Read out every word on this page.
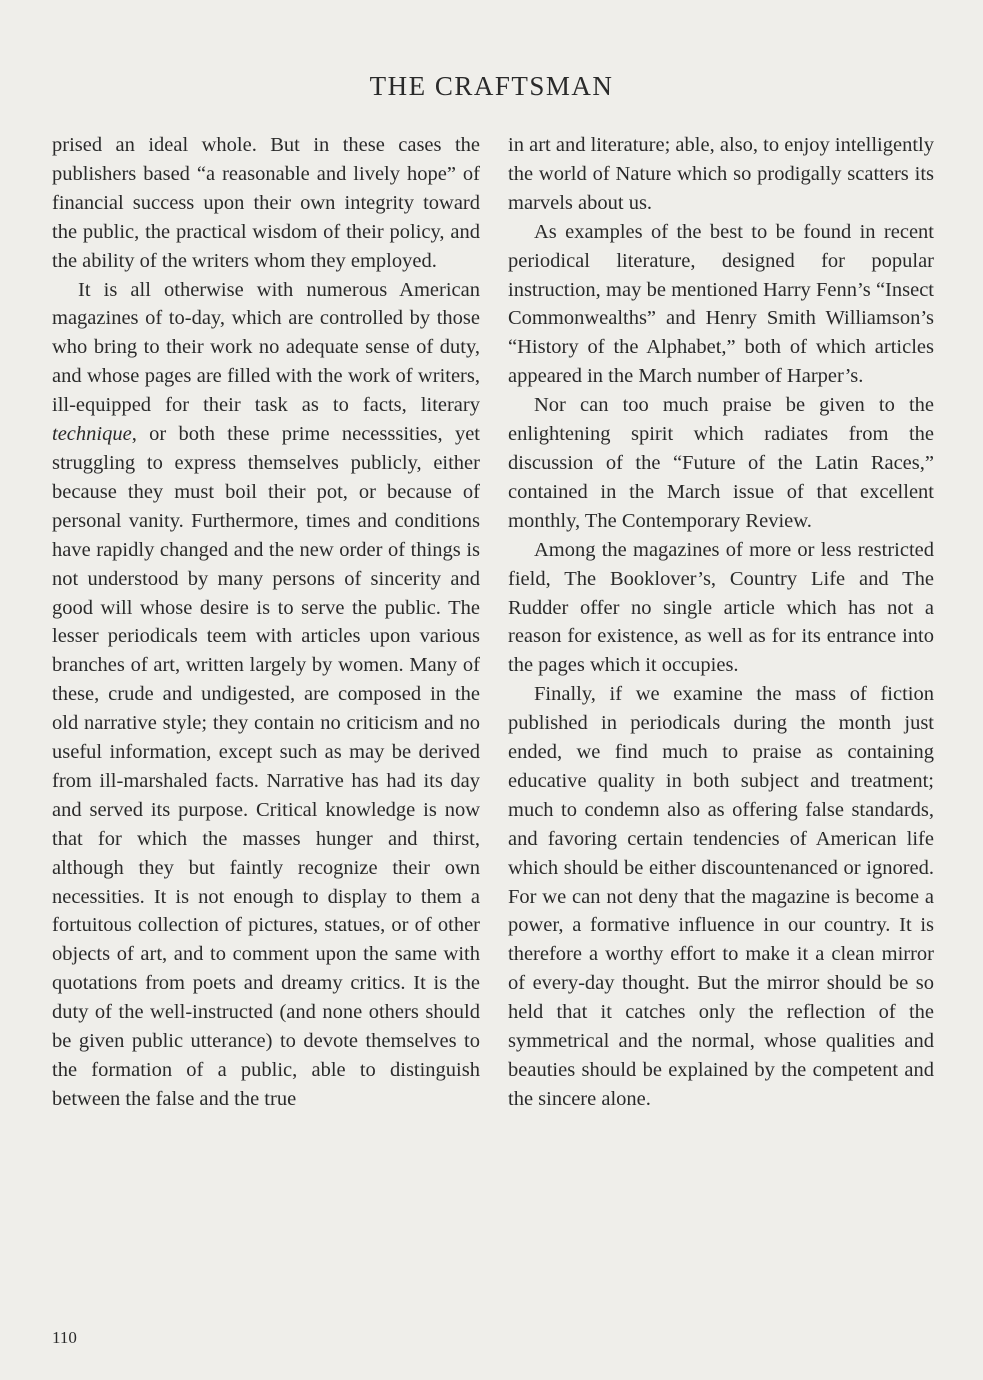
THE CRAFTSMAN

prised an ideal whole. But in these cases the publishers based “a reasonable and lively hope” of financial success upon their own integrity toward the public, the practical wisdom of their policy, and the ability of the writers whom they employed.

It is all otherwise with numerous American magazines of to-day, which are controlled by those who bring to their work no adequate sense of duty, and whose pages are filled with the work of writers, ill-equipped for their task as to facts, literary technique, or both these prime necesssities, yet struggling to express themselves publicly, either because they must boil their pot, or because of personal vanity. Furthermore, times and conditions have rapidly changed and the new order of things is not understood by many persons of sincerity and good will whose desire is to serve the public. The lesser periodicals teem with articles upon various branches of art, written largely by women. Many of these, crude and undigested, are composed in the old narrative style; they contain no criticism and no useful information, except such as may be derived from ill-marshaled facts. Narrative has had its day and served its purpose. Critical knowledge is now that for which the masses hunger and thirst, although they but faintly recognize their own necessities. It is not enough to display to them a fortuitous collection of pictures, statues, or of other objects of art, and to comment upon the same with quotations from poets and dreamy critics. It is the duty of the well-instructed (and none others should be given public utterance) to devote themselves to the formation of a public, able to distinguish between the false and the true

in art and literature; able, also, to enjoy intelligently the world of Nature which so prodigally scatters its marvels about us.

As examples of the best to be found in recent periodical literature, designed for popular instruction, may be mentioned Harry Fenn’s “Insect Commonwealths” and Henry Smith Williamson’s “History of the Alphabet,” both of which articles appeared in the March number of Harper’s.

Nor can too much praise be given to the enlightening spirit which radiates from the discussion of the “Future of the Latin Races,” contained in the March issue of that excellent monthly, The Contemporary Review.

Among the magazines of more or less restricted field, The Booklover’s, Country Life and The Rudder offer no single article which has not a reason for existence, as well as for its entrance into the pages which it occupies.

Finally, if we examine the mass of fiction published in periodicals during the month just ended, we find much to praise as containing educative quality in both subject and treatment; much to condemn also as offering false standards, and favoring certain tendencies of American life which should be either discountenanced or ignored. For we can not deny that the magazine is become a power, a formative influence in our country. It is therefore a worthy effort to make it a clean mirror of every-day thought. But the mirror should be so held that it catches only the reflection of the symmetrical and the normal, whose qualities and beauties should be explained by the competent and the sincere alone.

110
